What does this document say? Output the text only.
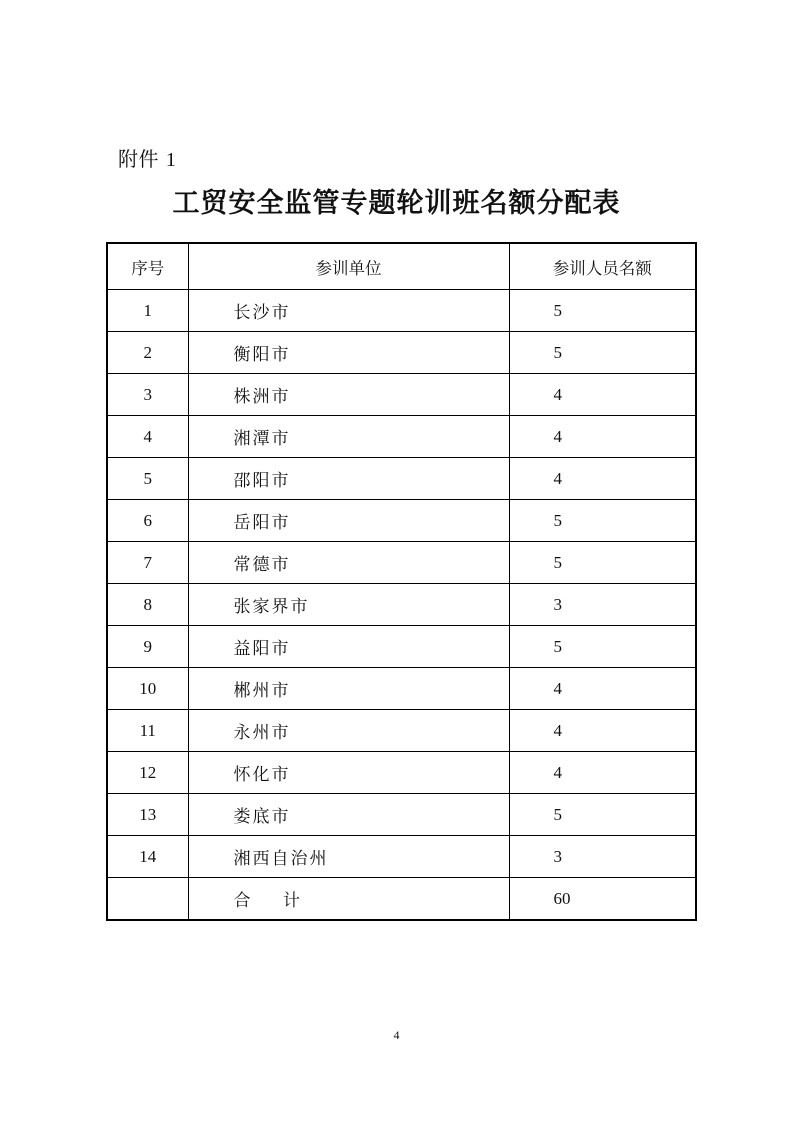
附件 1
工贸安全监管专题轮训班名额分配表
序号	参训单位	参训人员名额
1	长沙市	5
2	衡阳市	5
3	株洲市	4
4	湘潭市	4
5	邵阳市	4
6	岳阳市	5
7	常德市	5
8	张家界市	3
9	益阳市	5
10	郴州市	4
11	永州市	4
12	怀化市	4
13	娄底市	5
14	湘西自治州	3
	合      计	60
4
